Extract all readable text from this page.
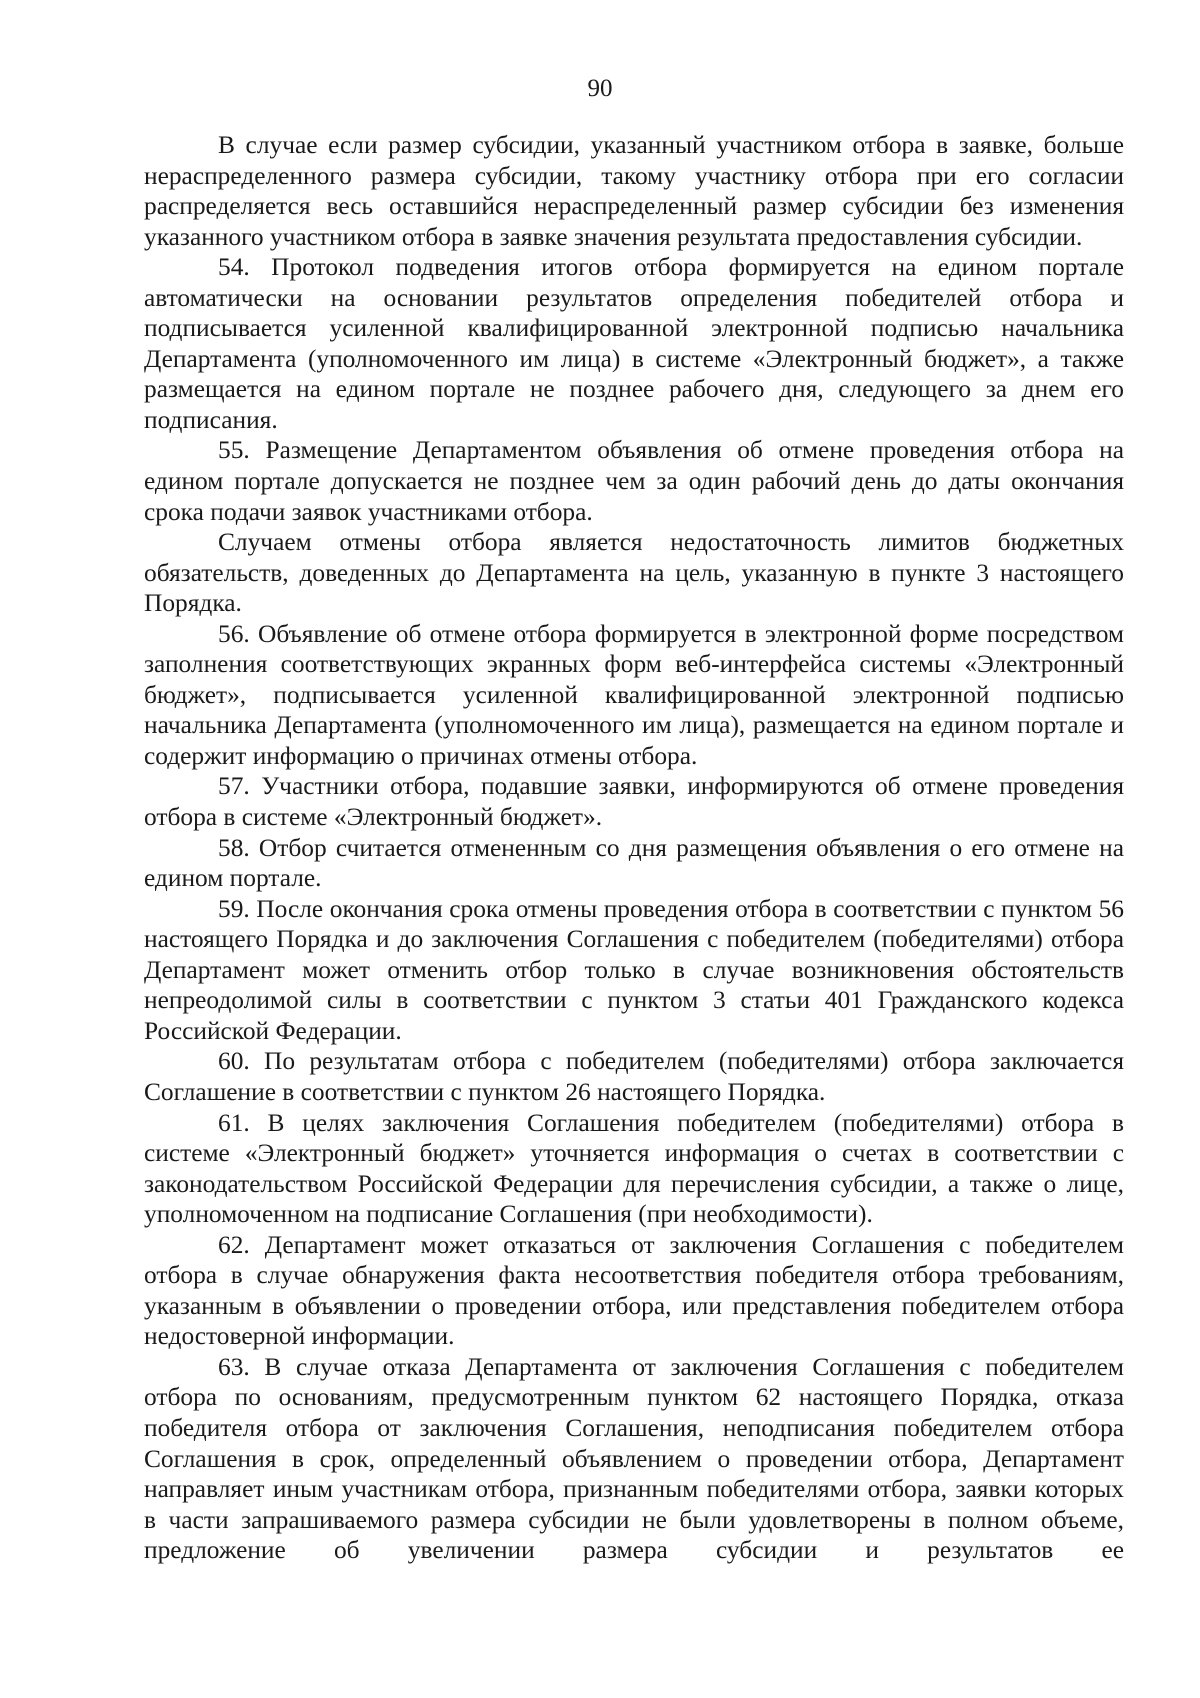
90

В случае если размер субсидии, указанный участником отбора в заявке, больше нераспределенного размера субсидии, такому участнику отбора при его согласии распределяется весь оставшийся нераспределенный размер субсидии без изменения указанного участником отбора в заявке значения результата предоставления субсидии.

54. Протокол подведения итогов отбора формируется на едином портале автоматически на основании результатов определения победителей отбора и подписывается усиленной квалифицированной электронной подписью начальника Департамента (уполномоченного им лица) в системе «Электронный бюджет», а также размещается на едином портале не позднее рабочего дня, следующего за днем его подписания.

55. Размещение Департаментом объявления об отмене проведения отбора на едином портале допускается не позднее чем за один рабочий день до даты окончания срока подачи заявок участниками отбора.

Случаем отмены отбора является недостаточность лимитов бюджетных обязательств, доведенных до Департамента на цель, указанную в пункте 3 настоящего Порядка.

56. Объявление об отмене отбора формируется в электронной форме посредством заполнения соответствующих экранных форм веб-интерфейса системы «Электронный бюджет», подписывается усиленной квалифицированной электронной подписью начальника Департамента (уполномоченного им лица), размещается на едином портале и содержит информацию о причинах отмены отбора.

57. Участники отбора, подавшие заявки, информируются об отмене проведения отбора в системе «Электронный бюджет».

58. Отбор считается отмененным со дня размещения объявления о его отмене на едином портале.

59. После окончания срока отмены проведения отбора в соответствии с пунктом 56 настоящего Порядка и до заключения Соглашения с победителем (победителями) отбора Департамент может отменить отбор только в случае возникновения обстоятельств непреодолимой силы в соответствии с пунктом 3 статьи 401 Гражданского кодекса Российской Федерации.

60. По результатам отбора с победителем (победителями) отбора заключается Соглашение в соответствии с пунктом 26 настоящего Порядка.

61. В целях заключения Соглашения победителем (победителями) отбора в системе «Электронный бюджет» уточняется информация о счетах в соответствии с законодательством Российской Федерации для перечисления субсидии, а также о лице, уполномоченном на подписание Соглашения (при необходимости).

62. Департамент может отказаться от заключения Соглашения с победителем отбора в случае обнаружения факта несоответствия победителя отбора требованиям, указанным в объявлении о проведении отбора, или представления победителем отбора недостоверной информации.

63. В случае отказа Департамента от заключения Соглашения с победителем отбора по основаниям, предусмотренным пунктом 62 настоящего Порядка, отказа победителя отбора от заключения Соглашения, неподписания победителем отбора Соглашения в срок, определенный объявлением о проведении отбора, Департамент направляет иным участникам отбора, признанным победителями отбора, заявки которых в части запрашиваемого размера субсидии не были удовлетворены в полном объеме, предложение об увеличении размера субсидии и результатов ее
